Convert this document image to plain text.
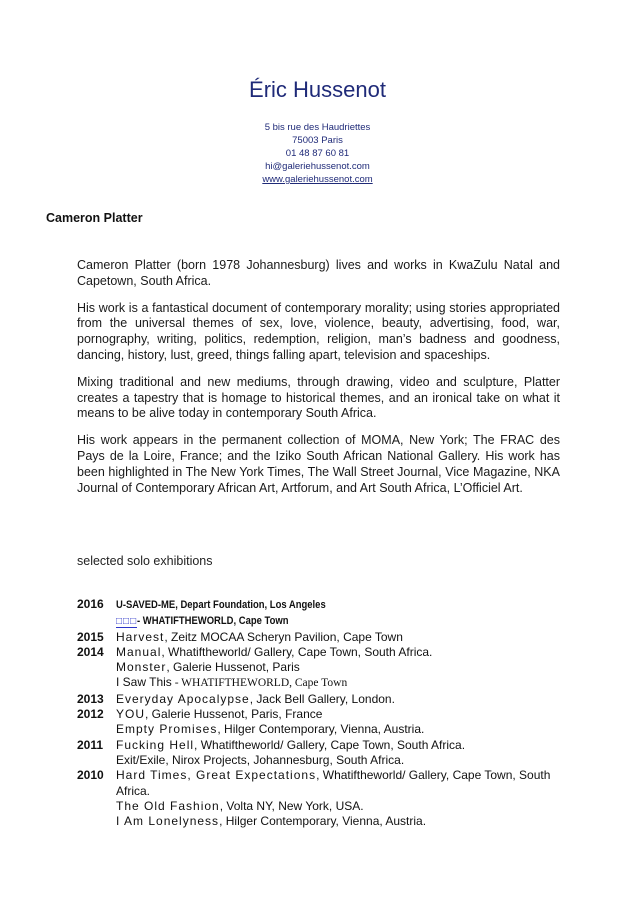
Éric Hussenot
5 bis rue des Haudriettes
75003 Paris
01 48 87 60 81
hi@galeriehussenot.com
www.galeriehussenot.com
Cameron Platter

Cameron Platter (born 1978 Johannesburg) lives and works in KwaZulu Natal and Capetown, South Africa.

His work is a fantastical document of contemporary morality; using stories appropriated from the universal themes of sex, love, violence, beauty, advertising, food, war, pornography, writing, politics, redemption, religion, man’s badness and goodness, dancing, history, lust, greed, things falling apart, television and spaceships.

Mixing traditional and new mediums, through drawing, video and sculpture, Platter creates a tapestry that is homage to historical themes, and an ironical take on what it means to be alive today in contemporary South Africa.

His work appears in the permanent collection of MOMA, New York; The FRAC des Pays de la Loire, France; and the Iziko South African National Gallery. His work has been highlighted in The New York Times, The Wall Street Journal, Vice Magazine, NKA Journal of Contemporary African Art, Artforum, and Art South Africa, L’Officiel Art.

selected solo exhibitions
2016	U-SAVED-ME, Depart Foundation, Los Angeles
□□□- WHATIFTHEWORLD, Cape Town
2015	Harvest, Zeitz MOCAA Scheryn Pavilion, Cape Town
2014	Manual, Whatiftheworld/ Gallery, Cape Town, South Africa.
Monster, Galerie Hussenot, Paris
I Saw This - WHATIFTHEWORLD, Cape Town
2013	Everyday Apocalypse, Jack Bell Gallery, London.
2012	YOU, Galerie Hussenot, Paris, France
Empty Promises, Hilger Contemporary, Vienna, Austria.
2011	Fucking Hell, Whatiftheworld/ Gallery, Cape Town, South Africa.
Exit/Exile, Nirox Projects, Johannesburg, South Africa.
2010	Hard Times, Great Expectations, Whatiftheworld/ Gallery, Cape Town, South Africa.
The Old Fashion, Volta NY, New York, USA.
I Am Lonelyness, Hilger Contemporary, Vienna, Austria.
